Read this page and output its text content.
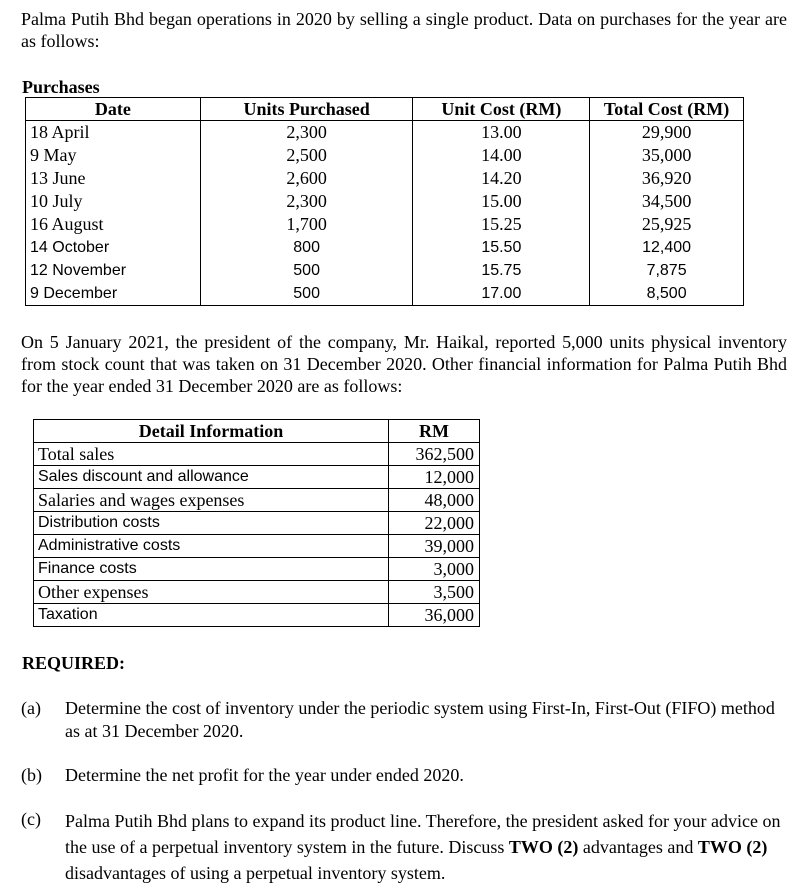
Palma Putih Bhd began operations in 2020 by selling a single product. Data on purchases for the year are as follows:
Purchases
Date	Units Purchased	Unit Cost (RM)	Total Cost (RM)
18 April	2,300	13.00	29,900
9 May	2,500	14.00	35,000
13 June	2,600	14.20	36,920
10 July	2,300	15.00	34,500
16 August	1,700	15.25	25,925
14 October	800	15.50	12,400
12 November	500	15.75	7,875
9 December	500	17.00	8,500
On 5 January 2021, the president of the company, Mr. Haikal, reported 5,000 units physical inventory from stock count that was taken on 31 December 2020. Other financial information for Palma Putih Bhd for the year ended 31 December 2020 are as follows:
Detail Information	RM
Total sales	362,500
Sales discount and allowance	12,000
Salaries and wages expenses	48,000
Distribution costs	22,000
Administrative costs	39,000
Finance costs	3,000
Other expenses	3,500
Taxation	36,000
REQUIRED:
(a) Determine the cost of inventory under the periodic system using First-In, First-Out (FIFO) method as at 31 December 2020.
(b) Determine the net profit for the year under ended 2020.
(c) Palma Putih Bhd plans to expand its product line. Therefore, the president asked for your advice on the use of a perpetual inventory system in the future. Discuss TWO (2) advantages and TWO (2) disadvantages of using a perpetual inventory system.
